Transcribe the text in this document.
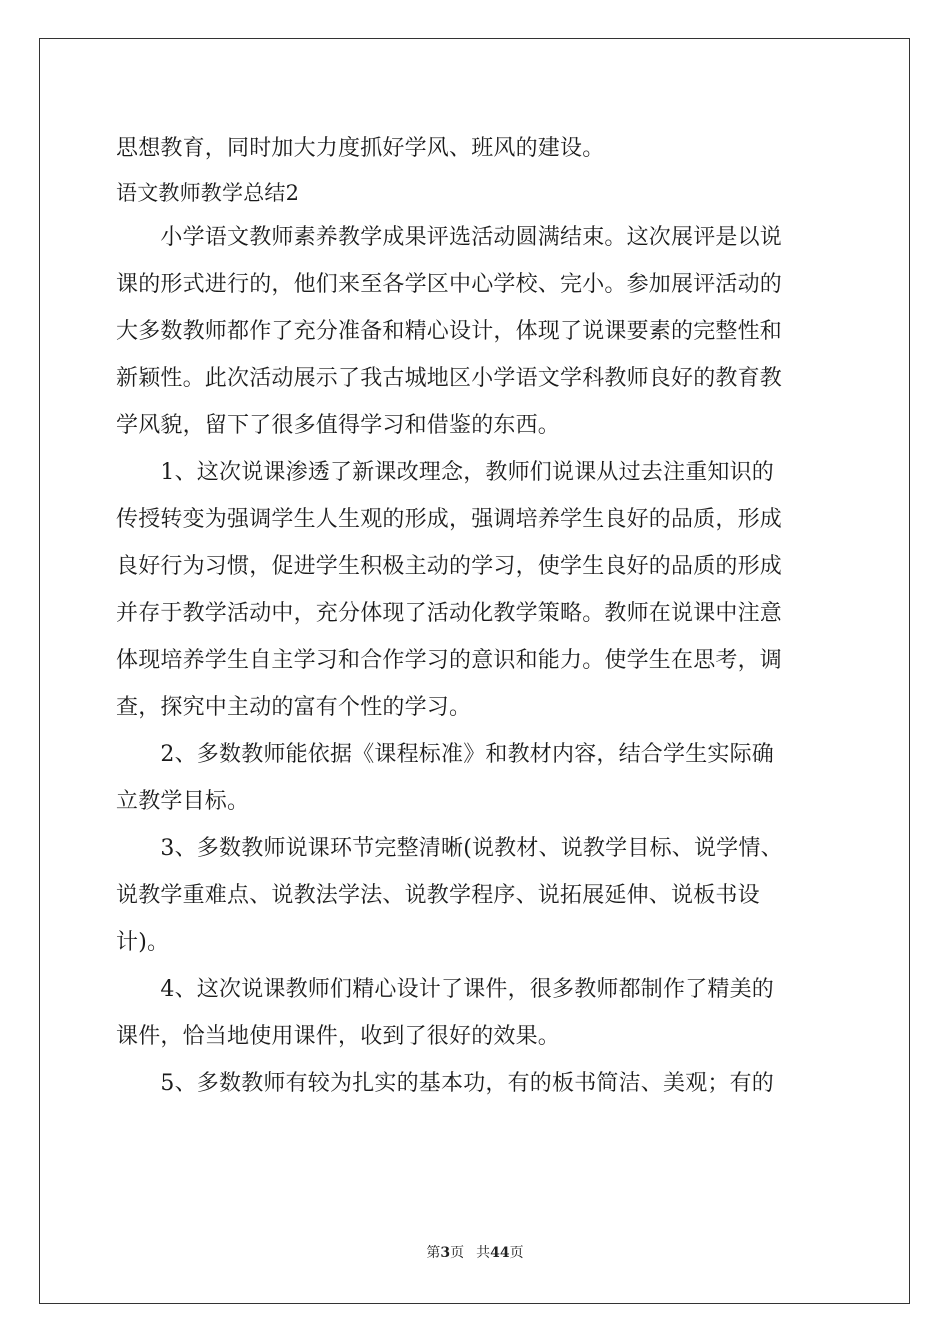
思想教育，同时加大力度抓好学风、班风的建设。
语文教师教学总结2
　　小学语文教师素养教学成果评选活动圆满结束。这次展评是以说
课的形式进行的，他们来至各学区中心学校、完小。参加展评活动的
大多数教师都作了充分准备和精心设计，体现了说课要素的完整性和
新颖性。此次活动展示了我古城地区小学语文学科教师良好的教育教
学风貌，留下了很多值得学习和借鉴的东西。
　　1、这次说课渗透了新课改理念，教师们说课从过去注重知识的
传授转变为强调学生人生观的形成，强调培养学生良好的品质，形成
良好行为习惯，促进学生积极主动的学习，使学生良好的品质的形成
并存于教学活动中，充分体现了活动化教学策略。教师在说课中注意
体现培养学生自主学习和合作学习的意识和能力。使学生在思考，调
查，探究中主动的富有个性的学习。
　　2、多数教师能依据《课程标准》和教材内容，结合学生实际确
立教学目标。
　　3、多数教师说课环节完整清晰(说教材、说教学目标、说学情、
说教学重难点、说教法学法、说教学程序、说拓展延伸、说板书设
计)。
　　4、这次说课教师们精心设计了课件，很多教师都制作了精美的
课件，恰当地使用课件，收到了很好的效果。
　　5、多数教师有较为扎实的基本功，有的板书简洁、美观；有的
第3页 共44页
